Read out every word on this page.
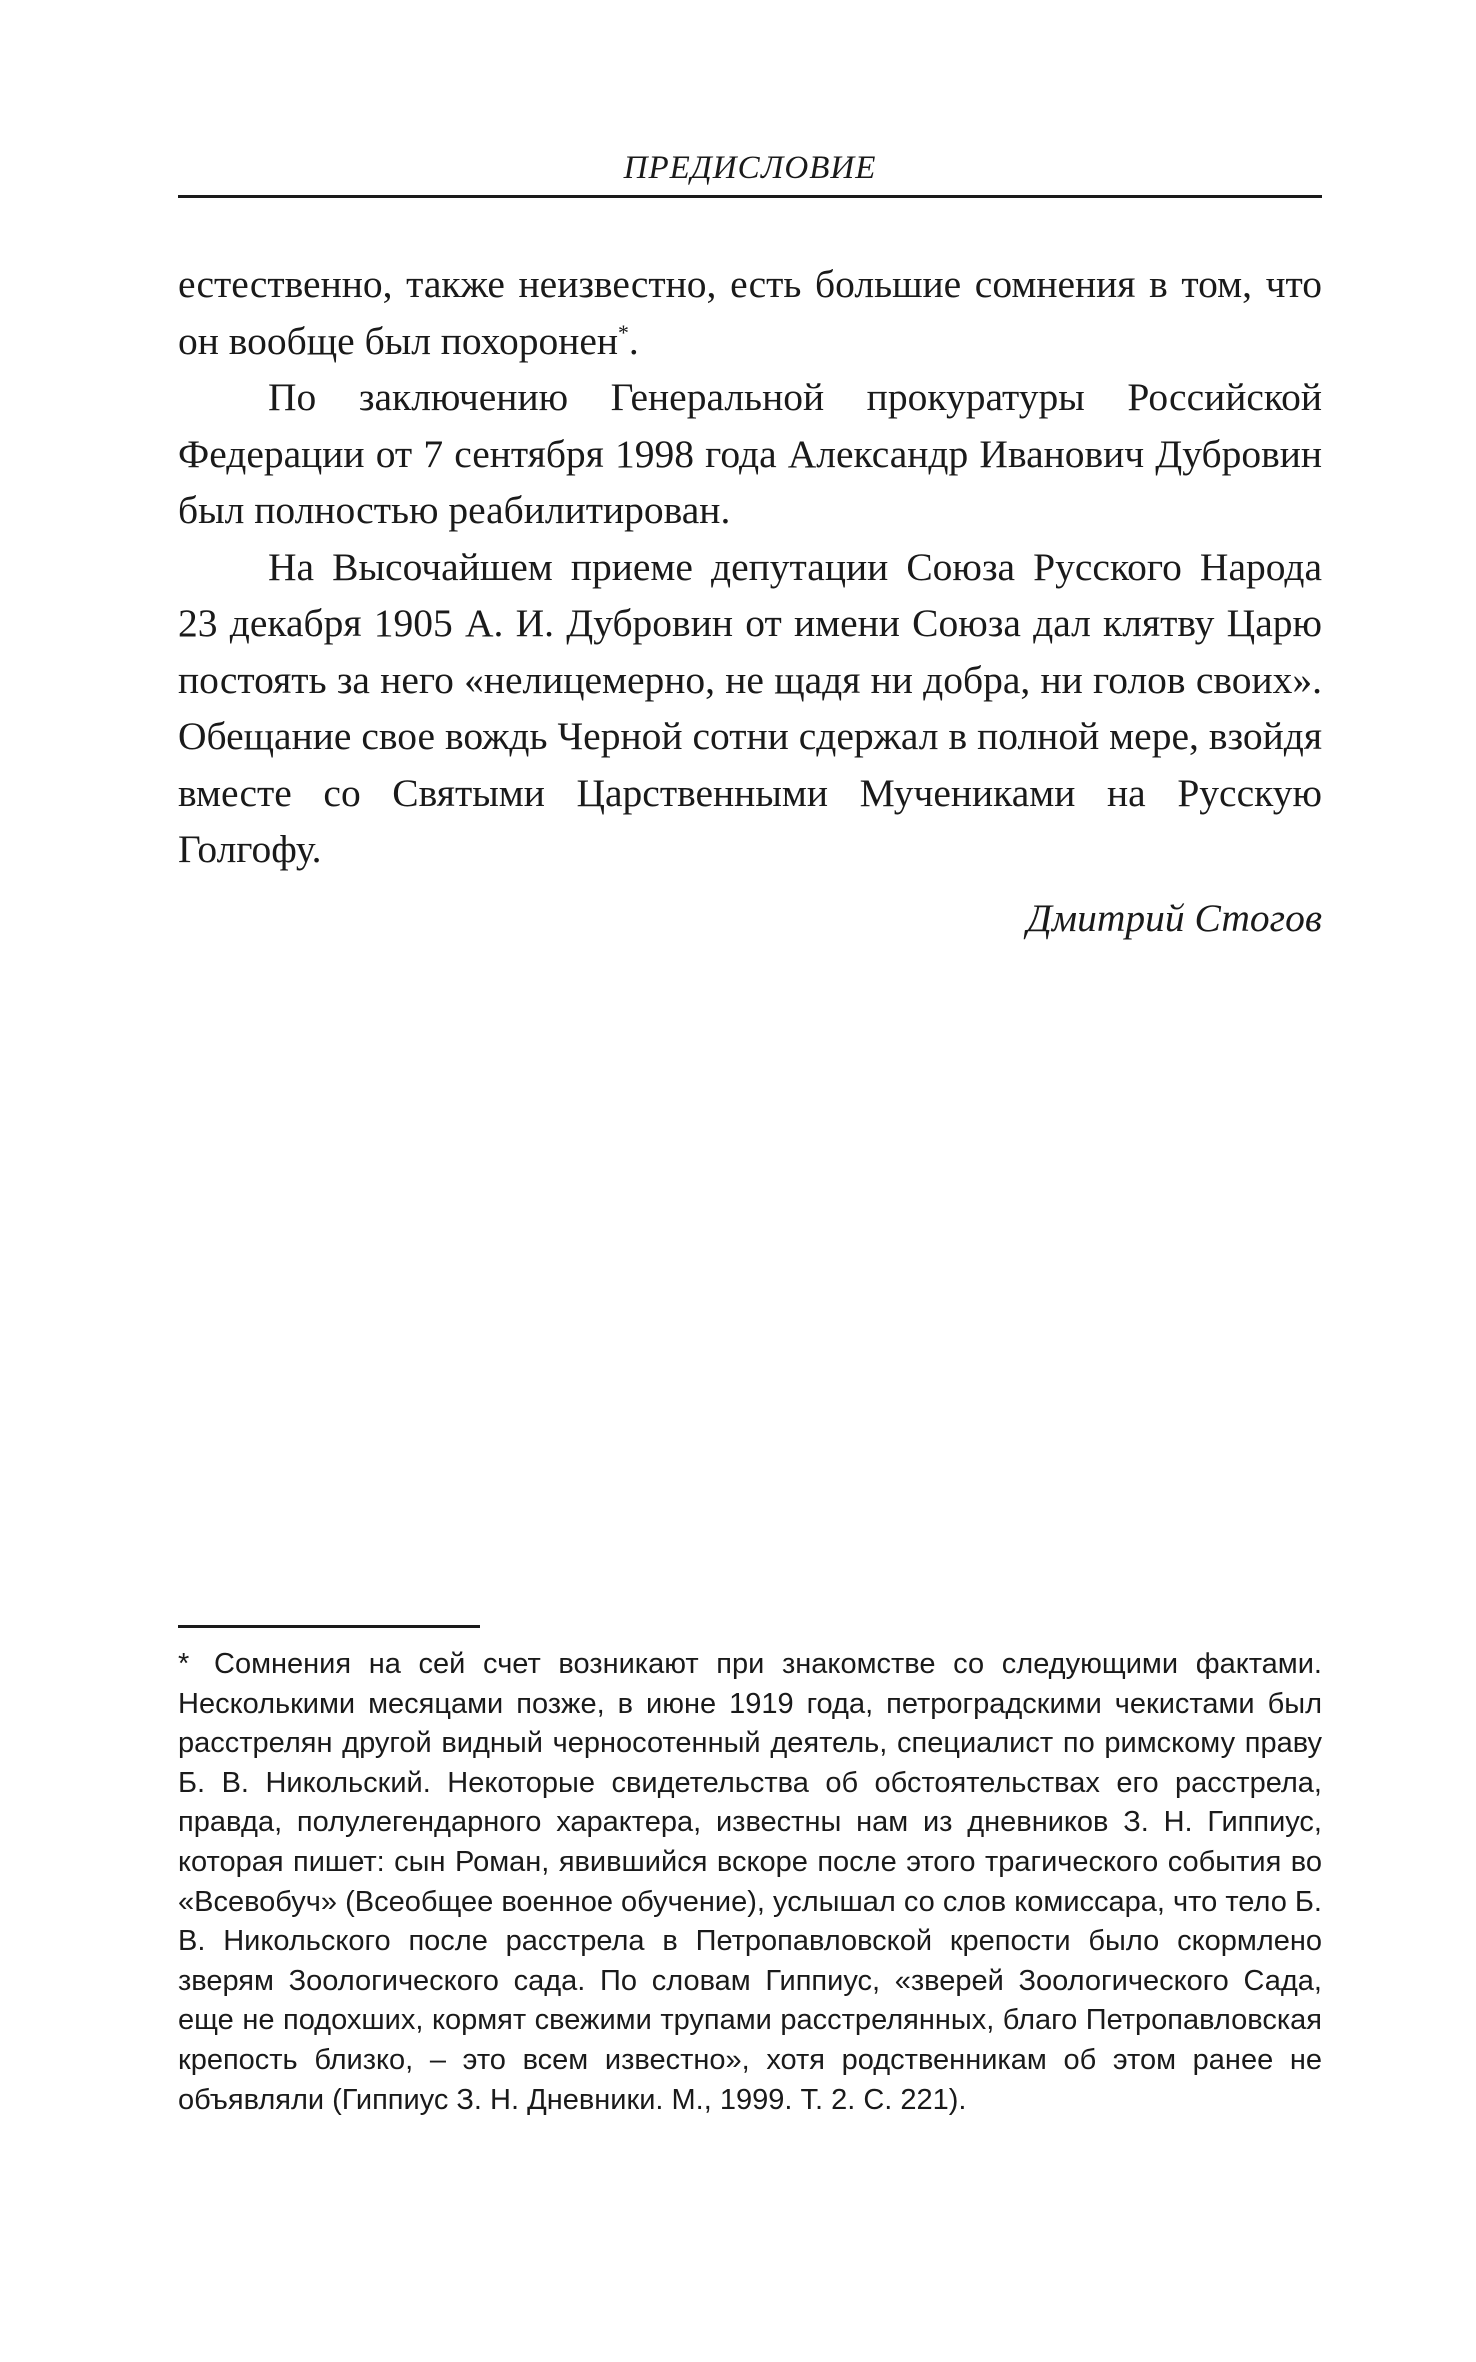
ПРЕДИСЛОВИЕ

естественно, также неизвестно, есть большие сомнения в том, что он вообще был похоронен*.

По заключению Генеральной прокуратуры Российской Федерации от 7 сентября 1998 года Александр Иванович Дубровин был полностью реабилитирован.

На Высочайшем приеме депутации Союза Русского Народа 23 декабря 1905 А. И. Дубровин от имени Союза дал клятву Царю постоять за него «нелицемерно, не щадя ни добра, ни голов своих». Обещание свое вождь Черной сотни сдержал в полной мере, взойдя вместе со Святыми Царственными Мучениками на Русскую Голгофу.

Дмитрий Стогов

* Сомнения на сей счет возникают при знакомстве со следующими фактами. Несколькими месяцами позже, в июне 1919 года, петроградскими чекистами был расстрелян другой видный черносотенный деятель, специалист по римскому праву Б. В. Никольский. Некоторые свидетельства об обстоятельствах его расстрела, правда, полулегендарного характера, известны нам из дневников З. Н. Гиппиус, которая пишет: сын Роман, явившийся вскоре после этого трагического события во «Всевобуч» (Всеобщее военное обучение), услышал со слов комиссара, что тело Б. В. Никольского после расстрела в Петропавловской крепости было скормлено зверям Зоологического сада. По словам Гиппиус, «зверей Зоологического Сада, еще не подохших, кормят свежими трупами расстрелянных, благо Петропавловская крепость близко, – это всем известно», хотя родственникам об этом ранее не объявляли (Гиппиус З. Н. Дневники. М., 1999. Т. 2. С. 221).
